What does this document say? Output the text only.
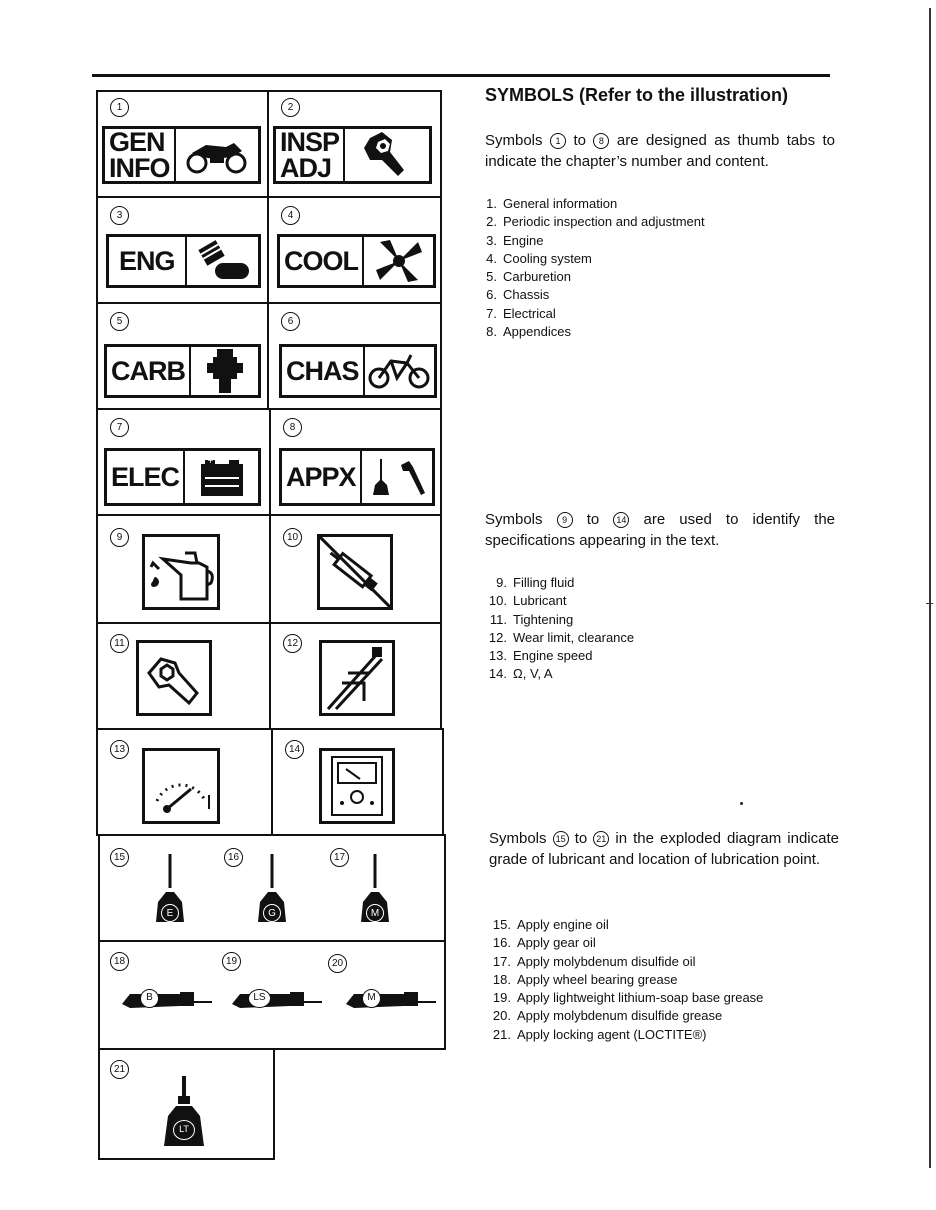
1
GEN
INFO
2
INSP
ADJ
3
ENG
4
COOL
5
CARB
6
CHAS
7
ELEC
+
8
APPX
9	10
11	12
13	14
15	16	17
E	G	M
18	19	20
B	LS	M
21
LT
SYMBOLS (Refer to the illustration)
Symbols 1 to 8 are designed as thumb tabs to indicate the chapter’s number and content.
1. General information
2. Periodic inspection and adjustment
3. Engine
4. Cooling system
5. Carburetion
6. Chassis
7. Electrical
8. Appendices
Symbols 9 to 14 are used to identify the specifications appearing in the text.
9. Filling fluid
10. Lubricant
11. Tightening
12. Wear limit, clearance
13. Engine speed
14. Ω, V, A
Symbols 15 to 21 in the exploded diagram indicate grade of lubricant and location of lubrication point.
15. Apply engine oil
16. Apply gear oil
17. Apply molybdenum disulfide oil
18. Apply wheel bearing grease
19. Apply lightweight lithium-soap base grease
20. Apply molybdenum disulfide grease
21. Apply locking agent (LOCTITE®)
